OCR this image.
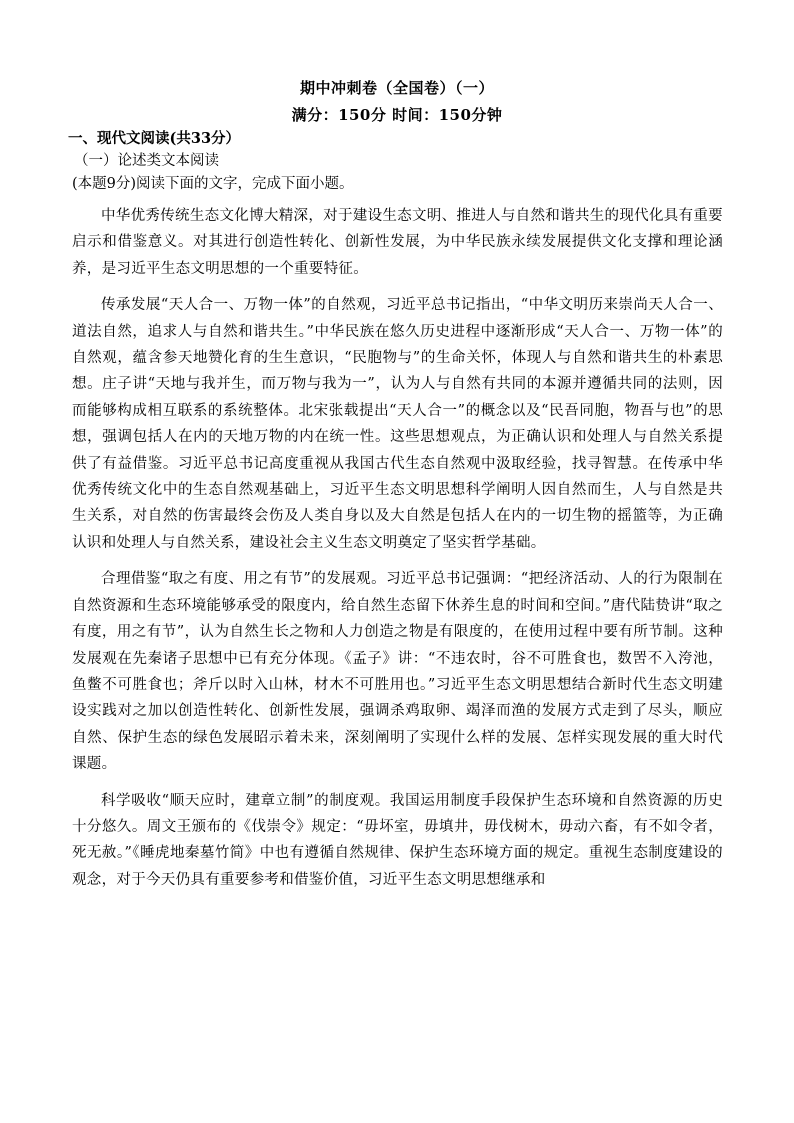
期中冲刺卷（全国卷）（一）
满分：150分 时间：150分钟
一、现代文阅读(共33分）
（一）论述类文本阅读
(本题9分)阅读下面的文字，完成下面小题。

中华优秀传统生态文化博大精深，对于建设生态文明、推进人与自然和谐共生的现代化具有重要启示和借鉴意义。对其进行创造性转化、创新性发展，为中华民族永续发展提供文化支撑和理论涵养，是习近平生态文明思想的一个重要特征。

传承发展“天人合一、万物一体”的自然观，习近平总书记指出，“中华文明历来崇尚天人合一、道法自然，追求人与自然和谐共生。”中华民族在悠久历史进程中逐渐形成“天人合一、万物一体”的自然观，蕴含参天地赞化育的生生意识，“民胞物与”的生命关怀，体现人与自然和谐共生的朴素思想。庄子讲“天地与我并生，而万物与我为一”，认为人与自然有共同的本源并遵循共同的法则，因而能够构成相互联系的系统整体。北宋张载提出“天人合一”的概念以及“民吾同胞，物吾与也”的思想，强调包括人在内的天地万物的内在统一性。这些思想观点，为正确认识和处理人与自然关系提供了有益借鉴。习近平总书记高度重视从我国古代生态自然观中汲取经验，找寻智慧。在传承中华优秀传统文化中的生态自然观基础上，习近平生态文明思想科学阐明人因自然而生，人与自然是共生关系，对自然的伤害最终会伤及人类自身以及大自然是包括人在内的一切生物的摇篮等，为正确认识和处理人与自然关系，建设社会主义生态文明奠定了坚实哲学基础。

合理借鉴“取之有度、用之有节”的发展观。习近平总书记强调：“把经济活动、人的行为限制在自然资源和生态环境能够承受的限度内，给自然生态留下休养生息的时间和空间。”唐代陆贽讲“取之有度，用之有节”，认为自然生长之物和人力创造之物是有限度的，在使用过程中要有所节制。这种发展观在先秦诸子思想中已有充分体现。《孟子》讲：“不违农时，谷不可胜食也，数罟不入洿池，鱼鳖不可胜食也；斧斤以时入山林，材木不可胜用也。”习近平生态文明思想结合新时代生态文明建设实践对之加以创造性转化、创新性发展，强调杀鸡取卵、竭泽而渔的发展方式走到了尽头，顺应自然、保护生态的绿色发展昭示着未来，深刻阐明了实现什么样的发展、怎样实现发展的重大时代课题。

科学吸收“顺天应时，建章立制”的制度观。我国运用制度手段保护生态环境和自然资源的历史十分悠久。周文王颁布的《伐崇令》规定：“毋坏室，毋填井，毋伐树木，毋动六畜，有不如令者，死无赦。”《睡虎地秦墓竹简》中也有遵循自然规律、保护生态环境方面的规定。重视生态制度建设的观念，对于今天仍具有重要参考和借鉴价值，习近平生态文明思想继承和
